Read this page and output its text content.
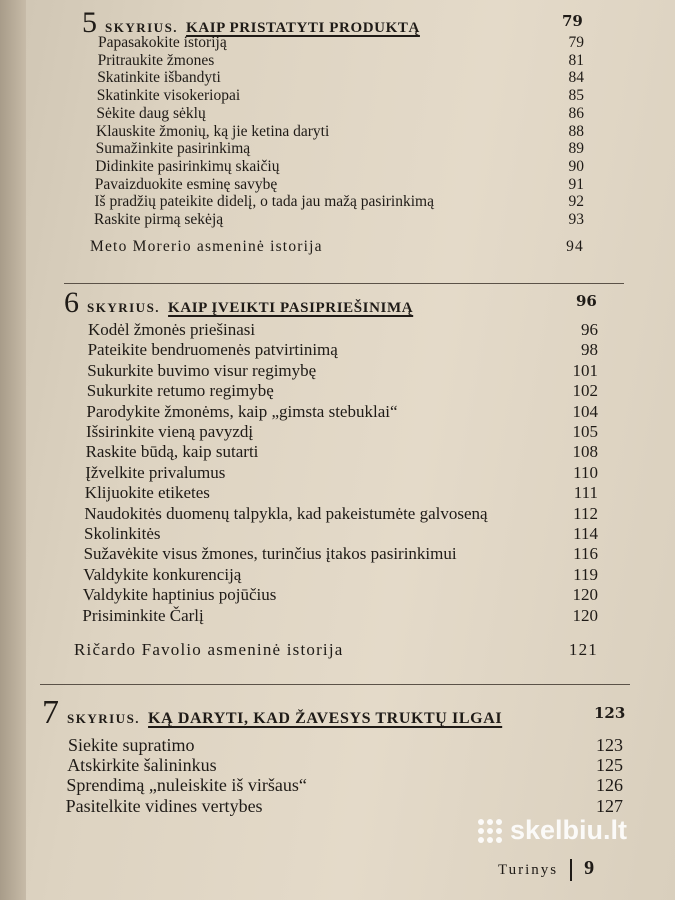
5 SKYRIUS. KAIP PRISTATYTI PRODUKTĄ	79
Papasakokite istoriją	79
Pritraukite žmones	81
Skatinkite išbandyti	84
Skatinkite visokeriopai	85
Sėkite daug sėklų	86
Klauskite žmonių, ką jie ketina daryti	88
Sumažinkite pasirinkimą	89
Didinkite pasirinkimų skaičių	90
Pavaizduokite esminę savybę	91
Iš pradžių pateikite didelį, o tada jau mažą pasirinkimą	92
Raskite pirmą sekėją	93
Meto Morerio asmeninė istorija	94
6 SKYRIUS. KAIP ĮVEIKTI PASIPRIEŠINIMĄ	96
Kodėl žmonės priešinasi	96
Pateikite bendruomenės patvirtinimą	98
Sukurkite buvimo visur regimybę	101
Sukurkite retumo regimybę	102
Parodykite žmonėms, kaip „gimsta stebuklai“	104
Išsirinkite vieną pavyzdį	105
Raskite būdą, kaip sutarti	108
Įžvelkite privalumus	110
Klijuokite etiketes	111
Naudokitės duomenų talpykla, kad pakeistumėte galvoseną	112
Skolinkitės	114
Sužavėkite visus žmones, turinčius įtakos pasirinkimui	116
Valdykite konkurenciją	119
Valdykite haptinius pojūčius	120
Prisiminkite Čarlį	120
Ričardo Favolio asmeninė istorija	121
7 SKYRIUS. KĄ DARYTI, KAD ŽAVESYS TRUKTŲ ILGAI	123
Siekite supratimo	123
Atskirkite šalininkus	125
Sprendimą „nuleiskite iš viršaus“	126
Pasitelkite vidines vertybes	127
Turinys 9
skelbiu.lt
